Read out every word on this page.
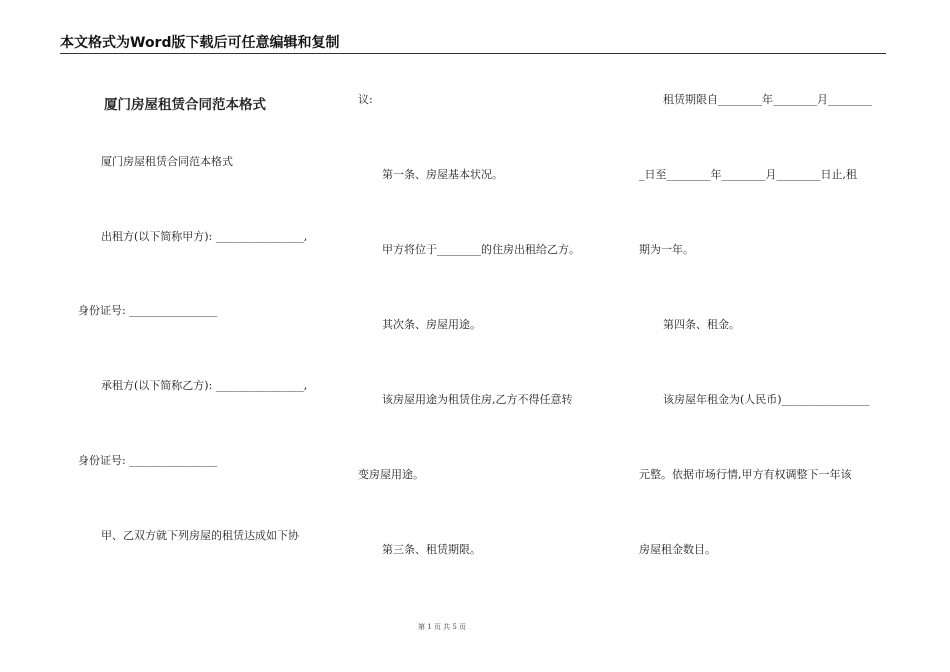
本文格式为Word版下载后可任意编辑和复制
厦门房屋租赁合同范本格式
厦门房屋租赁合同范本格式
出租方(以下简称甲方): ________________,
身份证号: ________________
承租方(以下简称乙方): ________________,
身份证号: ________________
甲、乙双方就下列房屋的租赁达成如下协
议:
第一条、房屋基本状况。
甲方将位于________的住房出租给乙方。
其次条、房屋用途。
该房屋用途为租赁住房,乙方不得任意转
变房屋用途。
第三条、租赁期限。
租赁期限自________年________月________
_日至________年________月________日止,租
期为一年。
第四条、租金。
该房屋年租金为(人民币)________________
元整。依据市场行情,甲方有权调整下一年该
房屋租金数目。
第 1 页 共 5 页
